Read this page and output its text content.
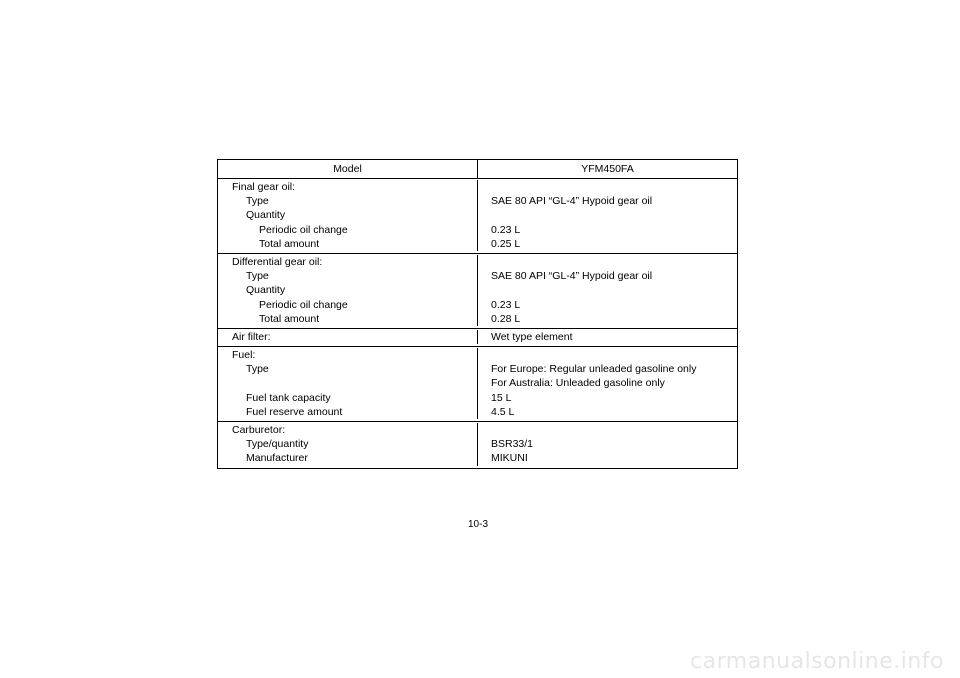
Model	YFM450FA
Final gear oil:
Type	SAE 80 API “GL-4” Hypoid gear oil
Quantity
Periodic oil change	0.23 L
Total amount	0.25 L
Differential gear oil:
Type	SAE 80 API “GL-4” Hypoid gear oil
Quantity
Periodic oil change	0.23 L
Total amount	0.28 L
Air filter:	Wet type element
Fuel:
Type	For Europe: Regular unleaded gasoline only
For Australia: Unleaded gasoline only
Fuel tank capacity	15 L
Fuel reserve amount	4.5 L
Carburetor:
Type/quantity	BSR33/1
Manufacturer	MIKUNI
10-3
carmanualsonline.info
